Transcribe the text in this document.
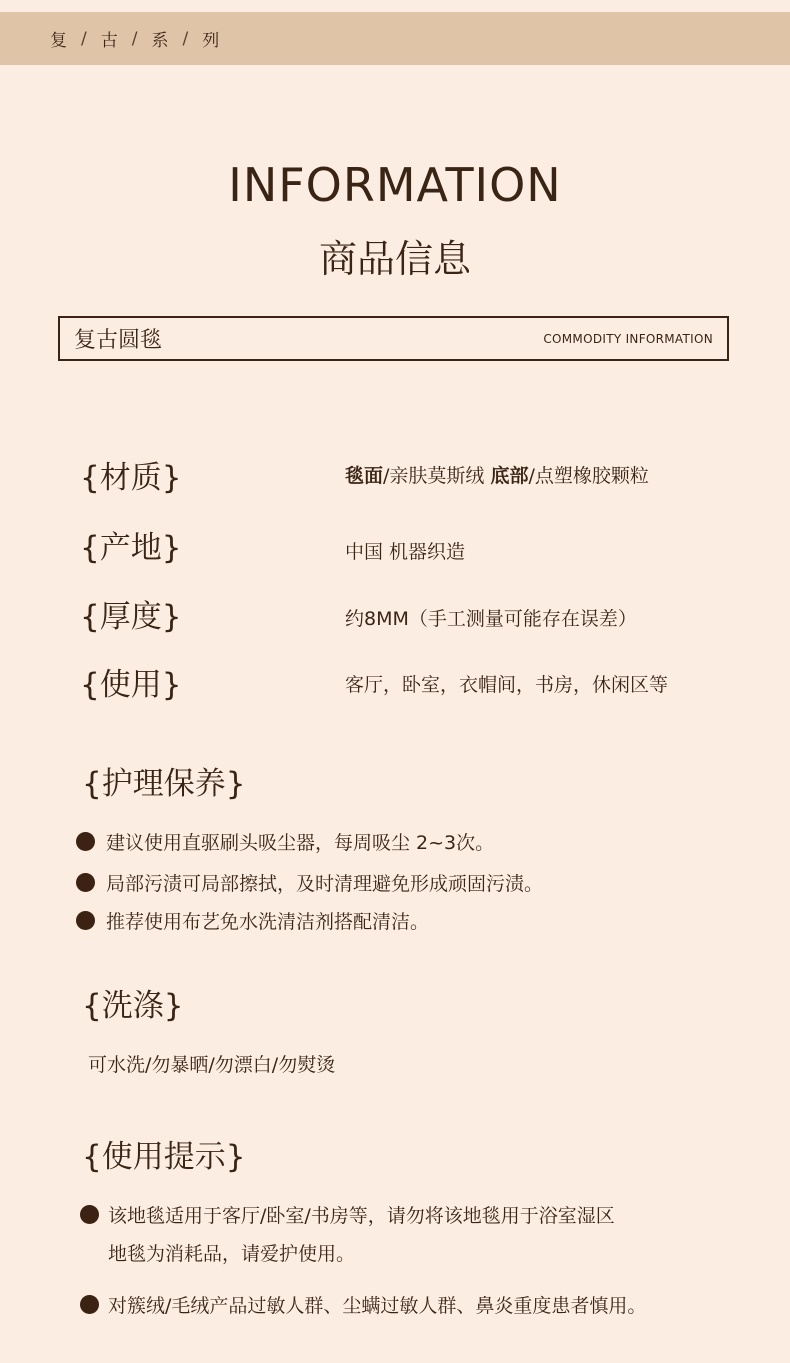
复 / 古 / 系 / 列
INFORMATION
商品信息
复古圆毯	COMMODITY INFORMATION
{材质}	毯面/亲肤莫斯绒 底部/点塑橡胶颗粒
{产地}	中国 机器织造
{厚度}	约8MM（手工测量可能存在误差）
{使用}	客厅，卧室，衣帽间，书房，休闲区等
{护理保养}
建议使用直驱刷头吸尘器，每周吸尘 2~3次。
局部污渍可局部擦拭，及时清理避免形成顽固污渍。
推荐使用布艺免水洗清洁剂搭配清洁。
{洗涤}
可水洗/勿暴晒/勿漂白/勿熨烫
{使用提示}
该地毯适用于客厅/卧室/书房等，请勿将该地毯用于浴室湿区
地毯为消耗品，请爱护使用。
对簇绒/毛绒产品过敏人群、尘螨过敏人群、鼻炎重度患者慎用。
